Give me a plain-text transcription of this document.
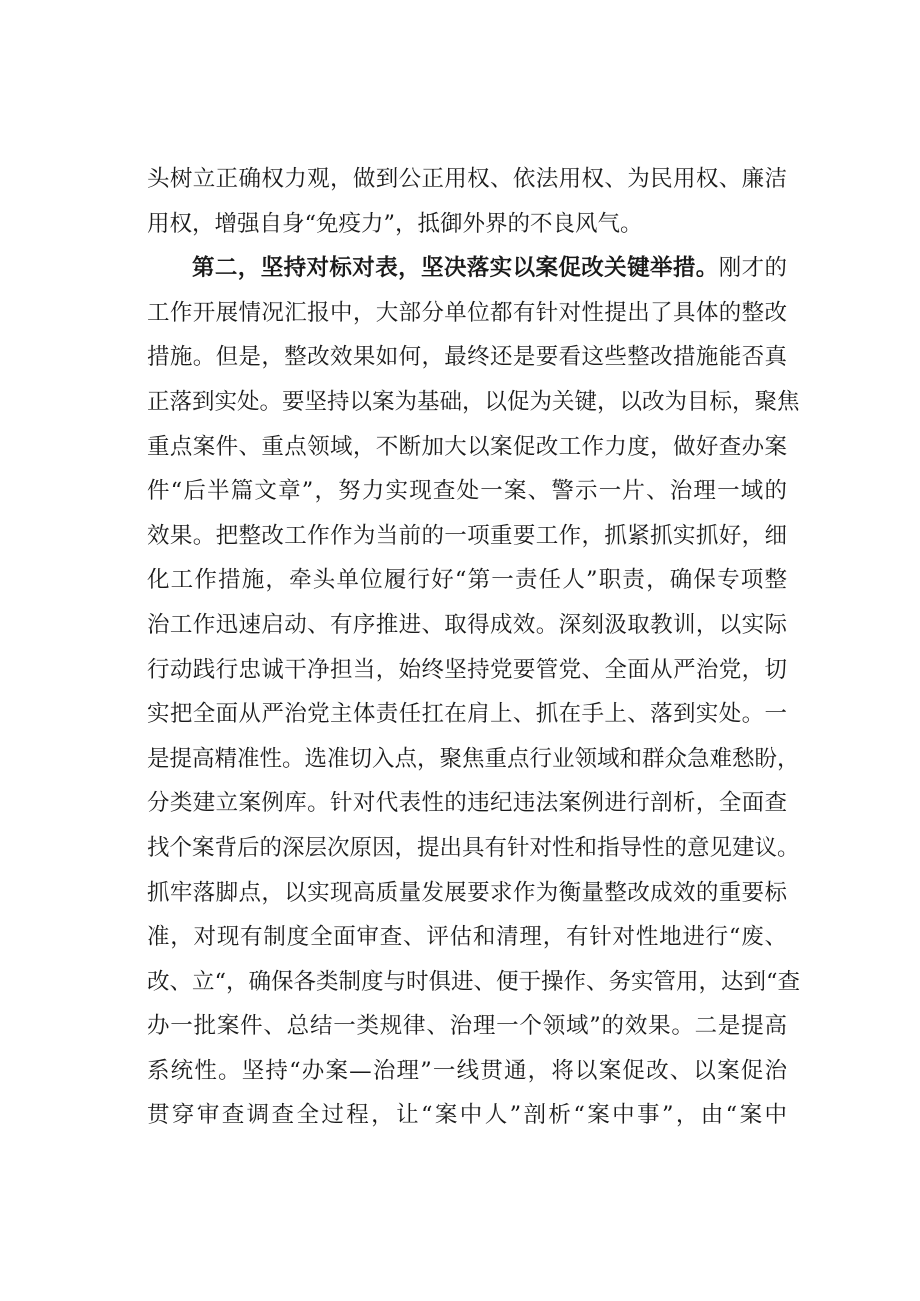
头树立正确权力观，做到公正用权、依法用权、为民用权、廉洁
用权，增强自身“免疫力”，抵御外界的不良风气。
第二，坚持对标对表，坚决落实以案促改关键举措。刚才的
工作开展情况汇报中，大部分单位都有针对性提出了具体的整改
措施。但是，整改效果如何，最终还是要看这些整改措施能否真
正落到实处。要坚持以案为基础，以促为关键，以改为目标，聚焦
重点案件、重点领域，不断加大以案促改工作力度，做好查办案
件“后半篇文章”，努力实现查处一案、警示一片、治理一域的
效果。把整改工作作为当前的一项重要工作，抓紧抓实抓好，细
化工作措施，牵头单位履行好“第一责任人”职责，确保专项整
治工作迅速启动、有序推进、取得成效。深刻汲取教训，以实际
行动践行忠诚干净担当，始终坚持党要管党、全面从严治党，切
实把全面从严治党主体责任扛在肩上、抓在手上、落到实处。一
是提高精准性。选准切入点，聚焦重点行业领域和群众急难愁盼，
分类建立案例库。针对代表性的违纪违法案例进行剖析，全面查
找个案背后的深层次原因，提出具有针对性和指导性的意见建议。
抓牢落脚点，以实现高质量发展要求作为衡量整改成效的重要标
准，对现有制度全面审查、评估和清理，有针对性地进行“废、
改、立“，确保各类制度与时俱进、便于操作、务实管用，达到“查
办一批案件、总结一类规律、治理一个领域”的效果。二是提高
系统性。坚持“办案—治理”一线贯通，将以案促改、以案促治
贯穿审查调查全过程，让“案中人”剖析“案中事”，由“案中
